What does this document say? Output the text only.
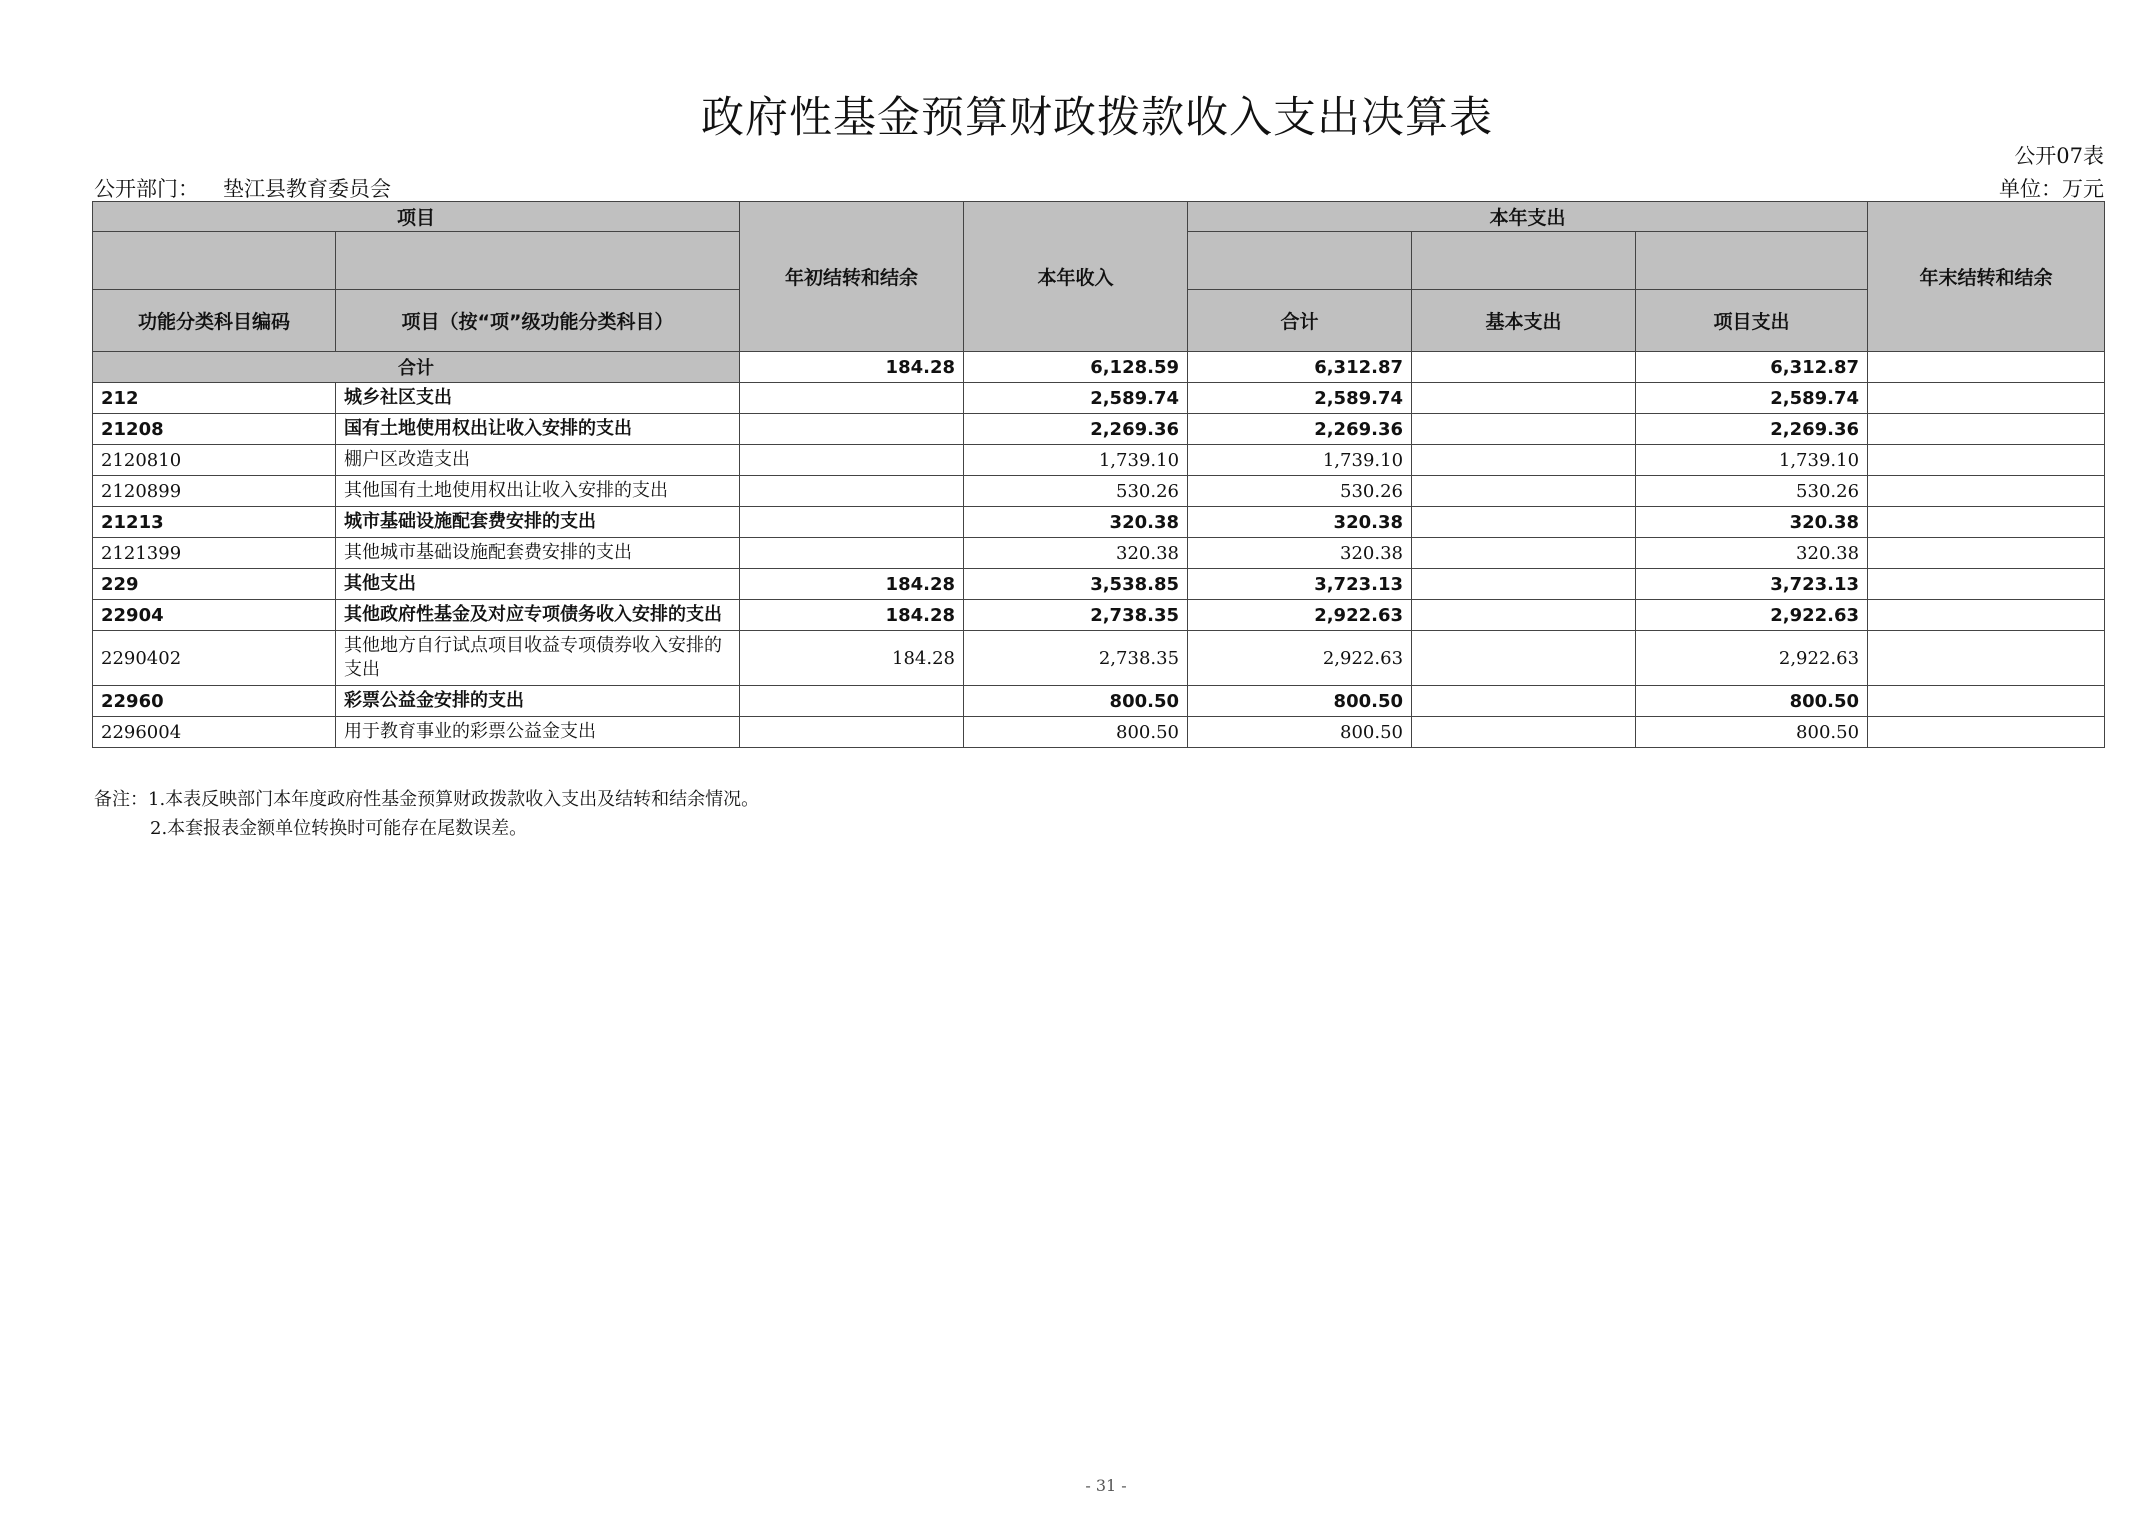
政府性基金预算财政拨款收入支出决算表
公开07表
公开部门： 垫江县教育委员会	单位：万元
项目		年初结转和结余	本年收入	本年支出			年末结转和结余

功能分类科目编码	项目（按“项”级功能分类科目）			合计	基本支出	项目支出	
合计		184.28	6,128.59	6,312.87		6,312.87	
212	城乡社区支出		2,589.74	2,589.74		2,589.74	
21208	国有土地使用权出让收入安排的支出		2,269.36	2,269.36		2,269.36	
2120810	棚户区改造支出		1,739.10	1,739.10		1,739.10	
2120899	其他国有土地使用权出让收入安排的支出		530.26	530.26		530.26	
21213	城市基础设施配套费安排的支出		320.38	320.38		320.38	
2121399	其他城市基础设施配套费安排的支出		320.38	320.38		320.38	
229	其他支出	184.28	3,538.85	3,723.13		3,723.13	
22904	其他政府性基金及对应专项债务收入安排的支出	184.28	2,738.35	2,922.63		2,922.63	
2290402	其他地方自行试点项目收益专项债券收入安排的支出	184.28	2,738.35	2,922.63		2,922.63	
22960	彩票公益金安排的支出		800.50	800.50		800.50	
2296004	用于教育事业的彩票公益金支出		800.50	800.50		800.50	
备注：1.本表反映部门本年度政府性基金预算财政拨款收入支出及结转和结余情况。
2.本套报表金额单位转换时可能存在尾数误差。
- 31 -
